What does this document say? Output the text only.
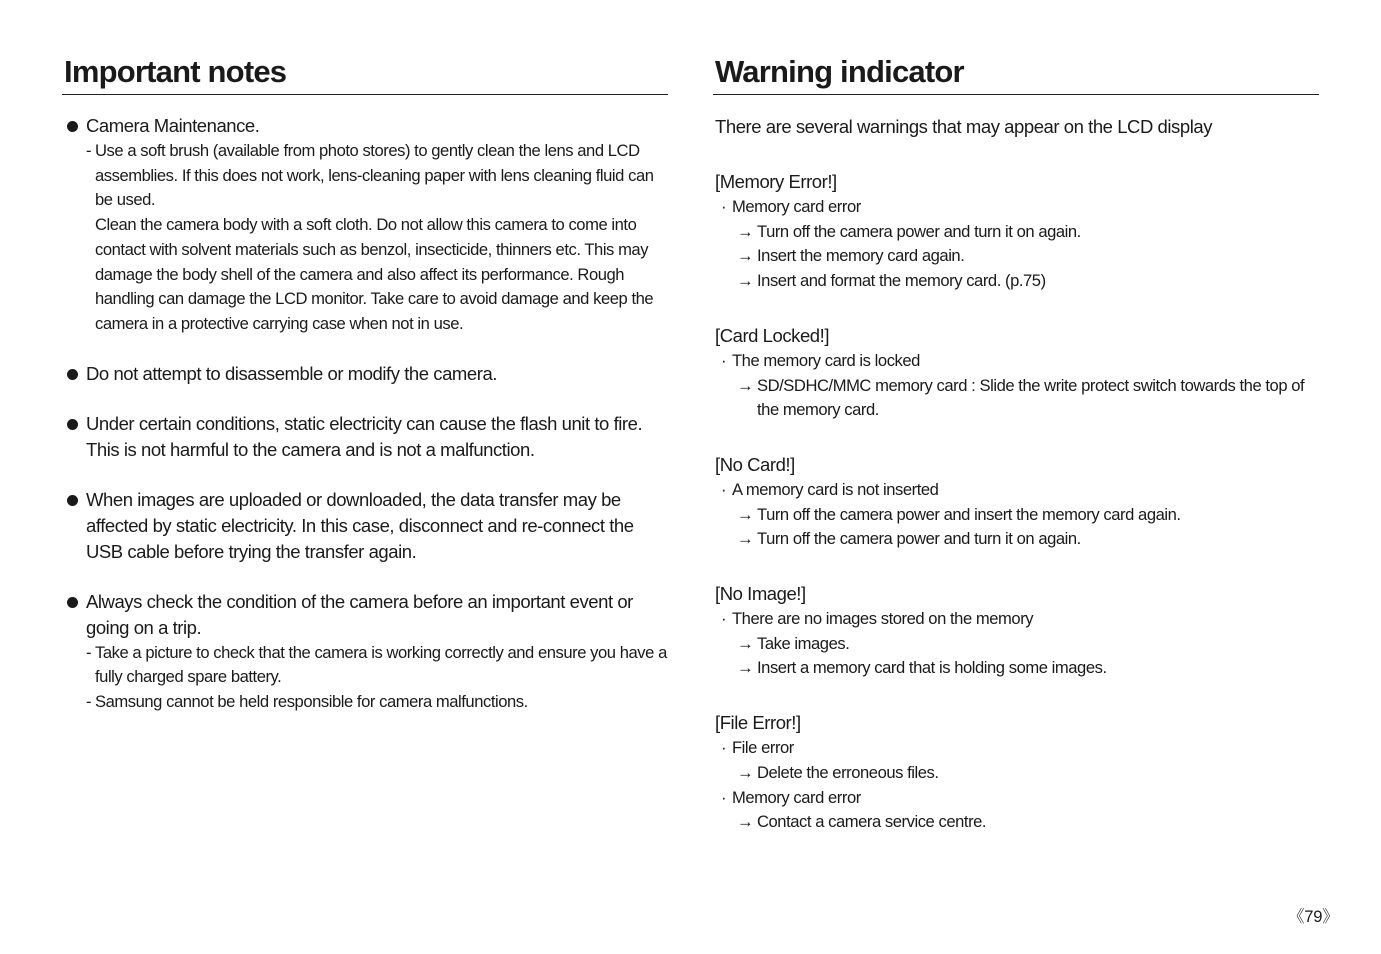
Important notes
Camera Maintenance.
- Use a soft brush (available from photo stores) to gently clean the lens and LCD assemblies. If this does not work, lens-cleaning paper with lens cleaning fluid can be used.
Clean the camera body with a soft cloth. Do not allow this camera to come into contact with solvent materials such as benzol, insecticide, thinners etc. This may damage the body shell of the camera and also affect its performance. Rough handling can damage the LCD monitor. Take care to avoid damage and keep the camera in a protective carrying case when not in use.
Do not attempt to disassemble or modify the camera.
Under certain conditions, static electricity can cause the flash unit to fire. This is not harmful to the camera and is not a malfunction.
When images are uploaded or downloaded, the data transfer may be affected by static electricity. In this case, disconnect and re-connect the USB cable before trying the transfer again.
Always check the condition of the camera before an important event or going on a trip.
- Take a picture to check that the camera is working correctly and ensure you have a fully charged spare battery.
- Samsung cannot be held responsible for camera malfunctions.
Warning indicator
There are several warnings that may appear on the LCD display
[Memory Error!]
· Memory card error
→ Turn off the camera power and turn it on again.
→ Insert the memory card again.
→ Insert and format the memory card. (p.75)
[Card Locked!]
· The memory card is locked
→ SD/SDHC/MMC memory card : Slide the write protect switch towards the top of the memory card.
[No Card!]
· A memory card is not inserted
→ Turn off the camera power and insert the memory card again.
→ Turn off the camera power and turn it on again.
[No Image!]
· There are no images stored on the memory
→ Take images.
→ Insert a memory card that is holding some images.
[File Error!]
· File error
→ Delete the erroneous files.
· Memory card error
→ Contact a camera service centre.
《79》
